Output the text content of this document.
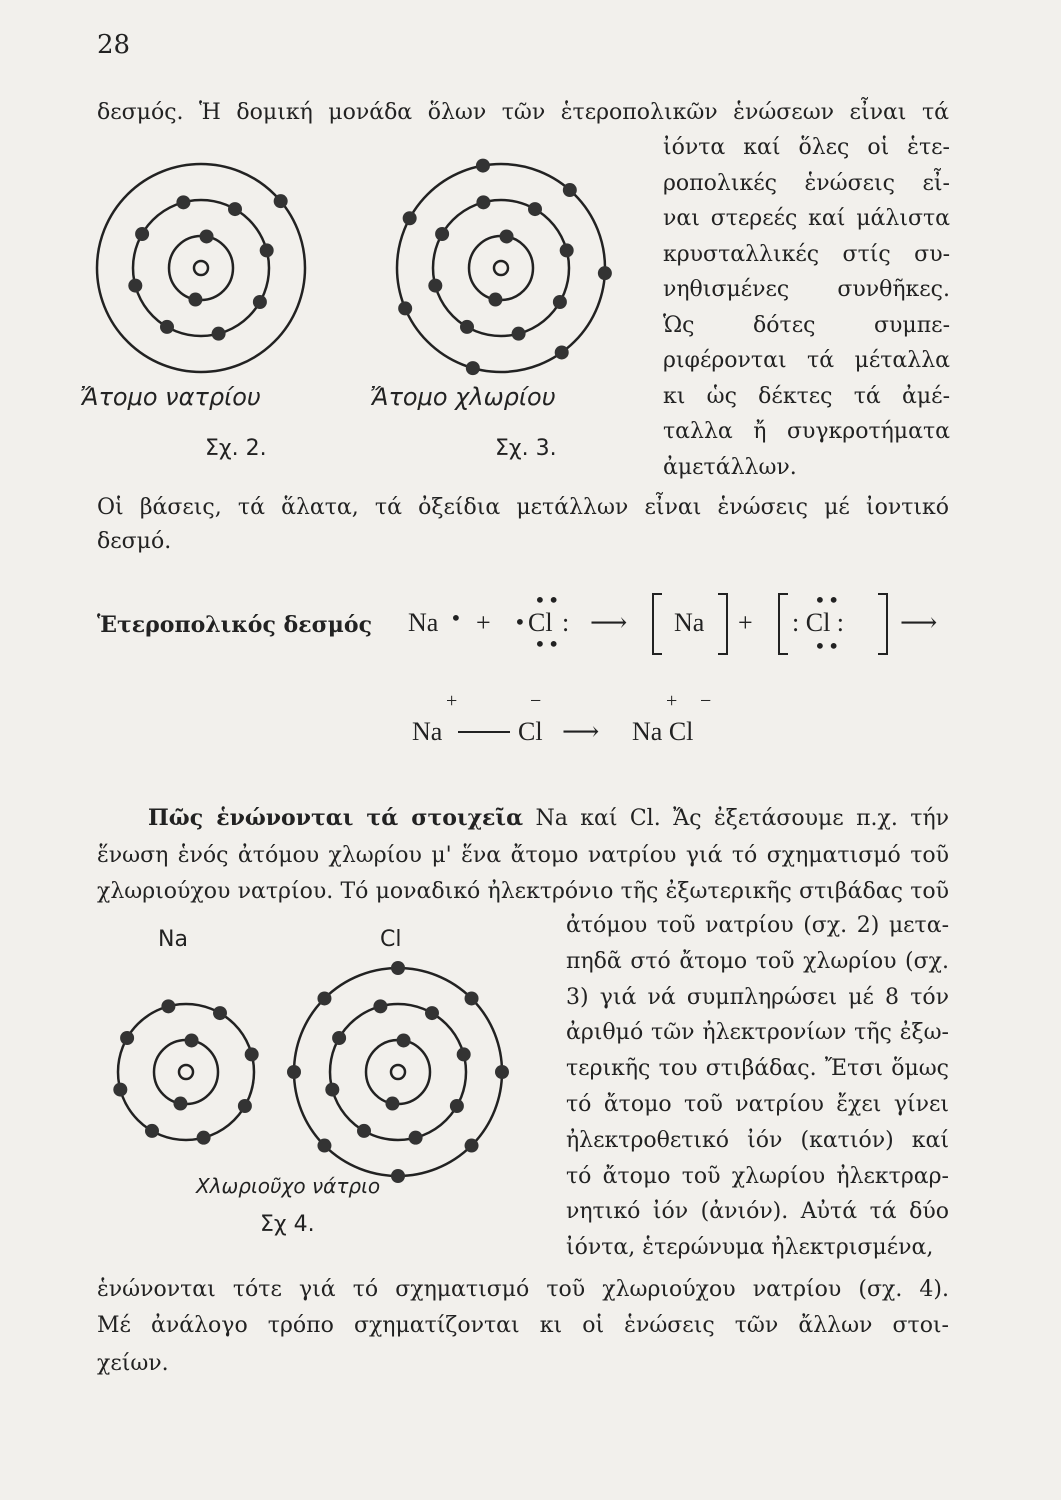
28
δεσμός. Ἡ δομική μονάδα ὅλων τῶν ἑτεροπολικῶν ἑνώσεων εἶναι τά
ἰόντα καί ὅλες οἱ ἑτε-
ροπολικές ἑνώσεις εἶ-
ναι στερεές καί μάλιστα
κρυσταλλικές στίς συ-
νηθισμένες συνθῆκες.
Ὡς δότες συμπε-
ριφέρονται τά μέταλλα
κι ὡς δέκτες τά ἀμέ-
ταλλα ἤ συγκροτήματα
ἀμετάλλων.
Οἱ βάσεις, τά ἅλατα, τά ὀξείδια μετάλλων εἶναι ἑνώσεις μέ ἰοντικό
δεσμό.
Ἄτομο νατρίου	Ἄτομο χλωρίου
Σχ. 2.	Σχ. 3.
Ἑτεροπολικός δεσμός Na • + • Cl
••
••
: ⟶ Na + : Cl :
••
••
⟶
Na
+
Cl
−
⟶ Na Cl
+ −
Πῶς ἑνώνονται τά στοιχεῖα Na καί Cl. Ἄς ἐξετάσουμε π.χ. τήν
ἕνωση ἑνός ἀτόμου χλωρίου μ' ἕνα ἄτομο νατρίου γιά τό σχηματισμό τοῦ
χλωριούχου νατρίου. Τό μοναδικό ἠλεκτρόνιο τῆς ἐξωτερικῆς στιβάδας τοῦ
ἀτόμου τοῦ νατρίου (σχ. 2) μετα-
πηδᾶ στό ἄτομο τοῦ χλωρίου (σχ.
3) γιά νά συμπληρώσει μέ 8 τόν
ἀριθμό τῶν ἠλεκτρονίων τῆς ἐξω-
τερικῆς του στιβάδας. Ἔτσι ὅμως
τό ἄτομο τοῦ νατρίου ἔχει γίνει
ἠλεκτροθετικό ἰόν (κατιόν) καί
τό ἄτομο τοῦ χλωρίου ἠλεκτραρ-
νητικό ἰόν (ἀνιόν). Αὐτά τά δύο
ἰόντα, ἑτερώνυμα ἠλεκτρισμένα,
ἑνώνονται τότε γιά τό σχηματισμό τοῦ χλωριούχου νατρίου (σχ. 4).
Μέ ἀνάλογο τρόπο σχηματίζονται κι οἱ ἑνώσεις τῶν ἄλλων στοι-
χείων.
Na	Cl
Χλωριοῦχο νάτριο
Σχ 4.
